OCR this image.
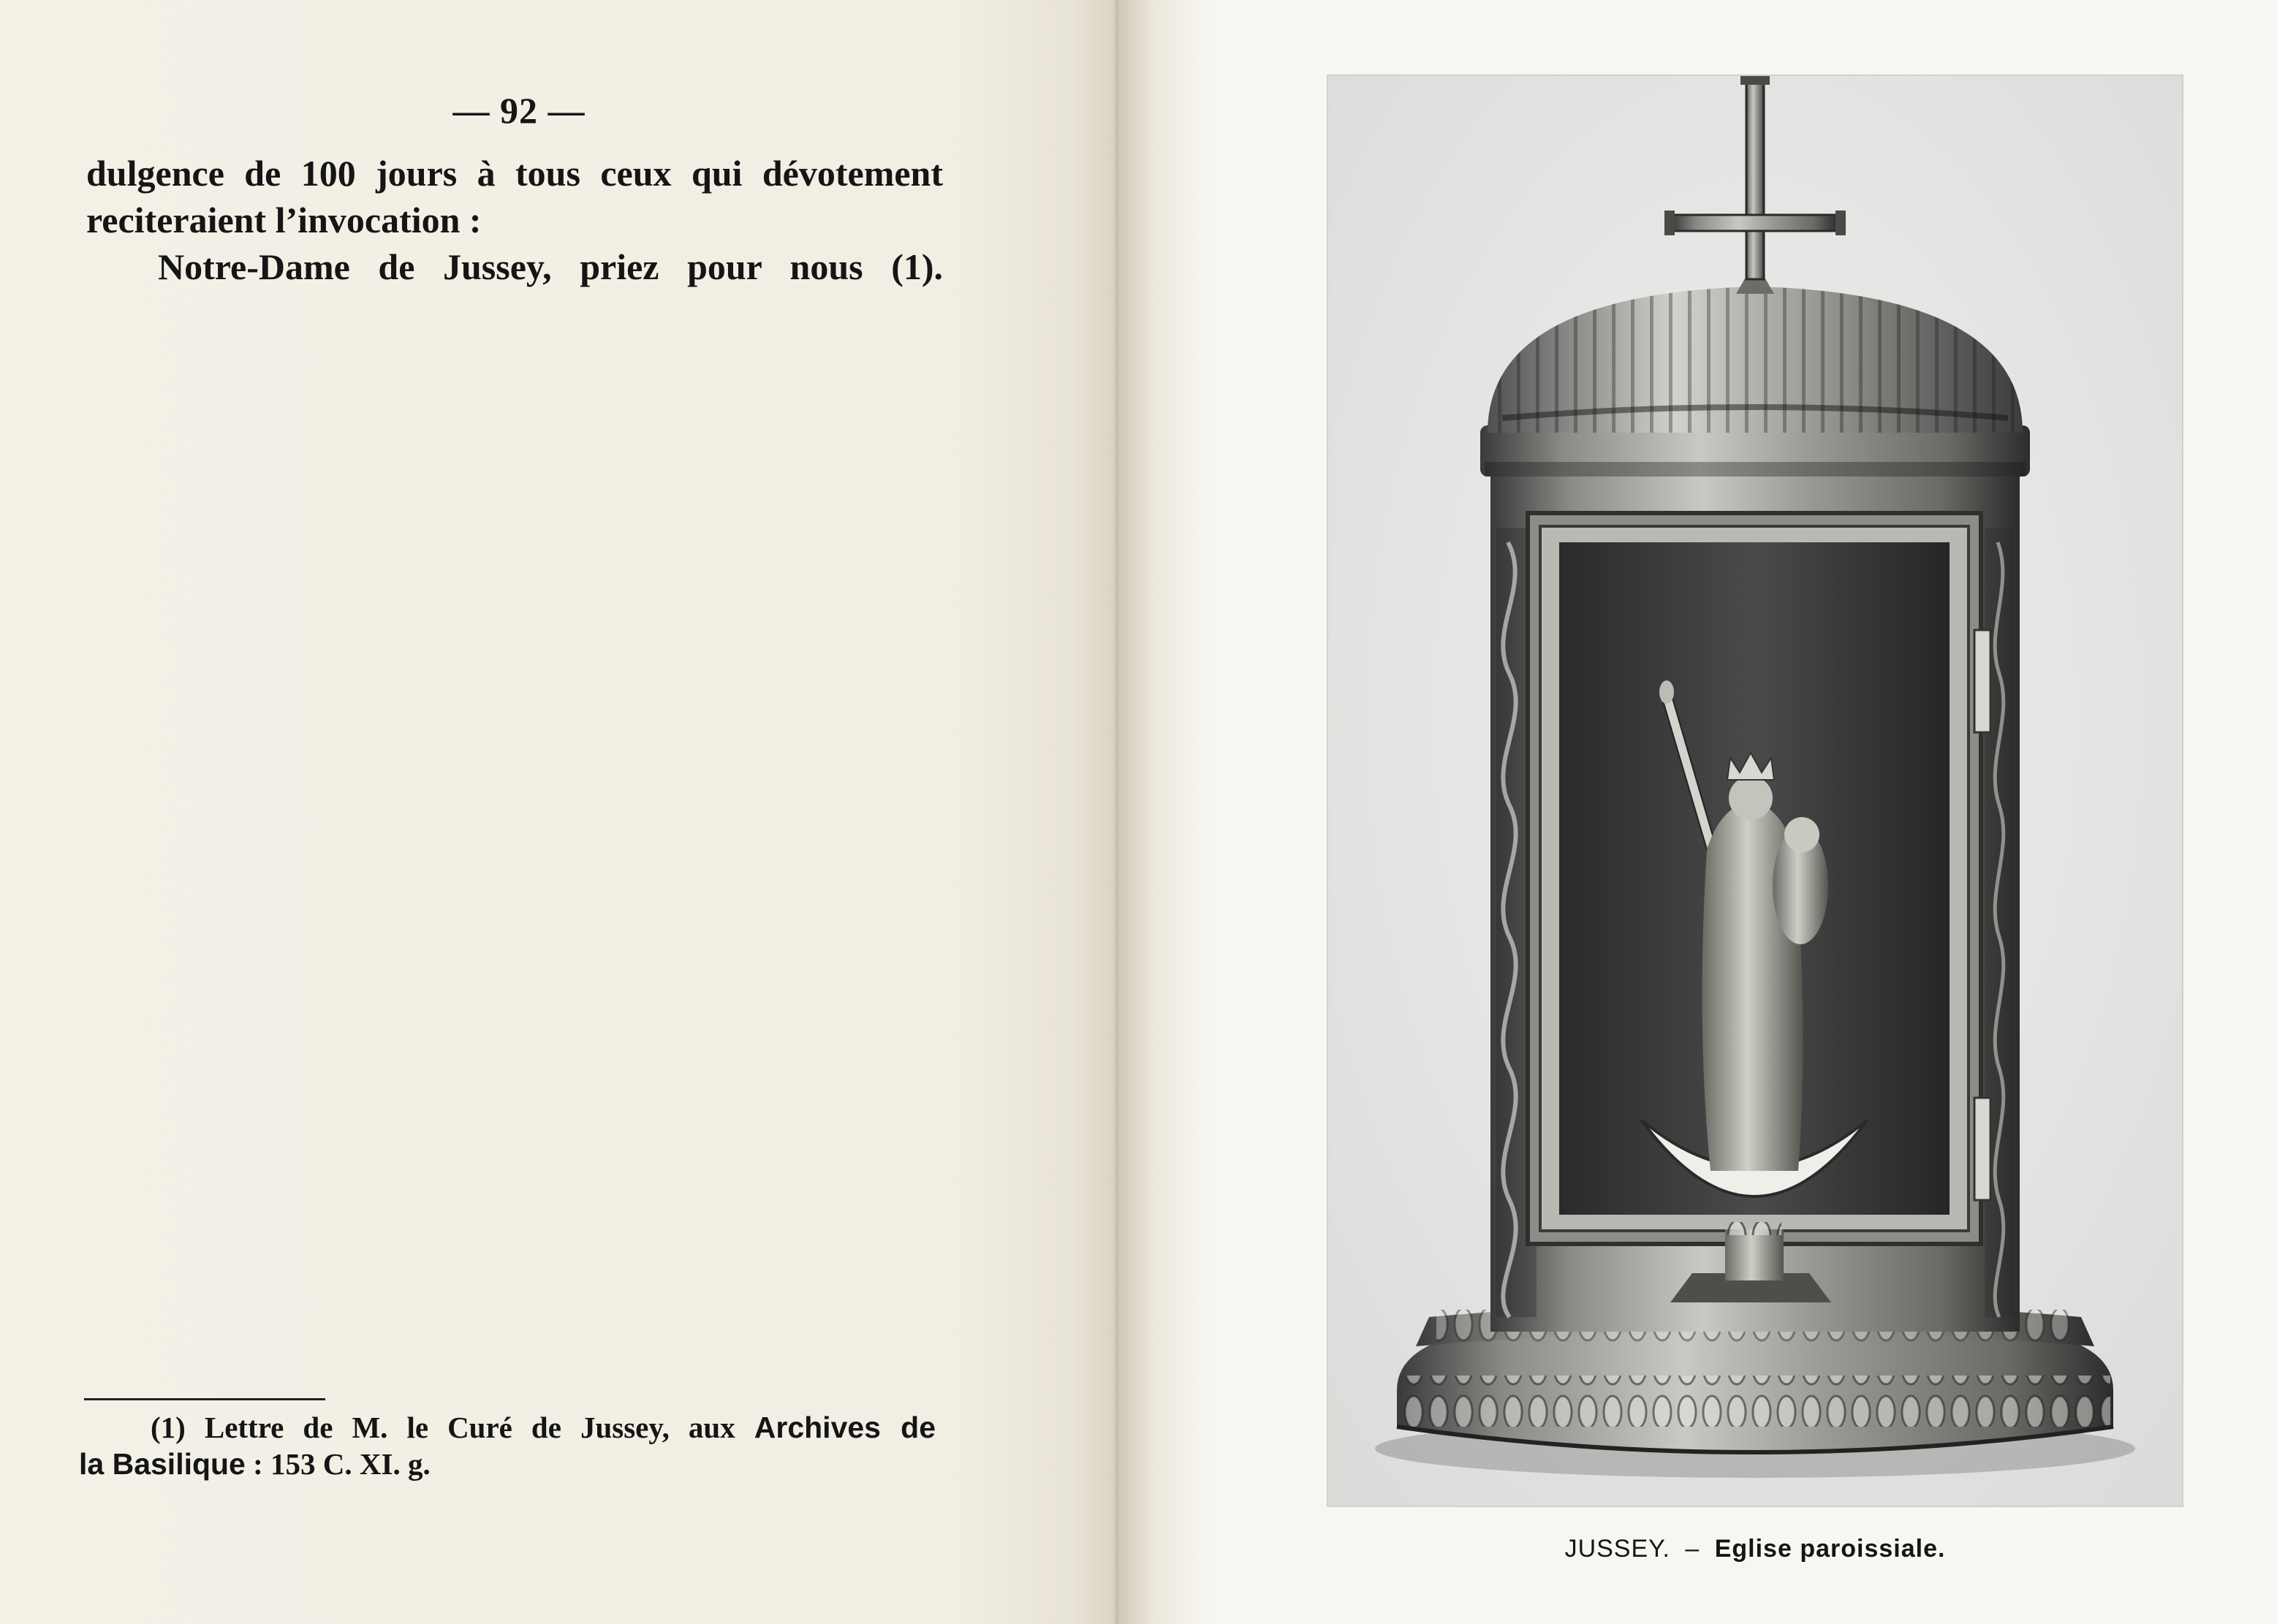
— 92 —

dulgence de 100 jours à tous ceux qui dévotement

reciteraient l’invocation :

Notre-Dame de Jussey, priez pour nous (1).

(1) Lettre de M. le Curé de Jussey, aux Archives de
la Basilique : 153 C. XI. g.
JUSSEY. – Eglise paroissiale.
